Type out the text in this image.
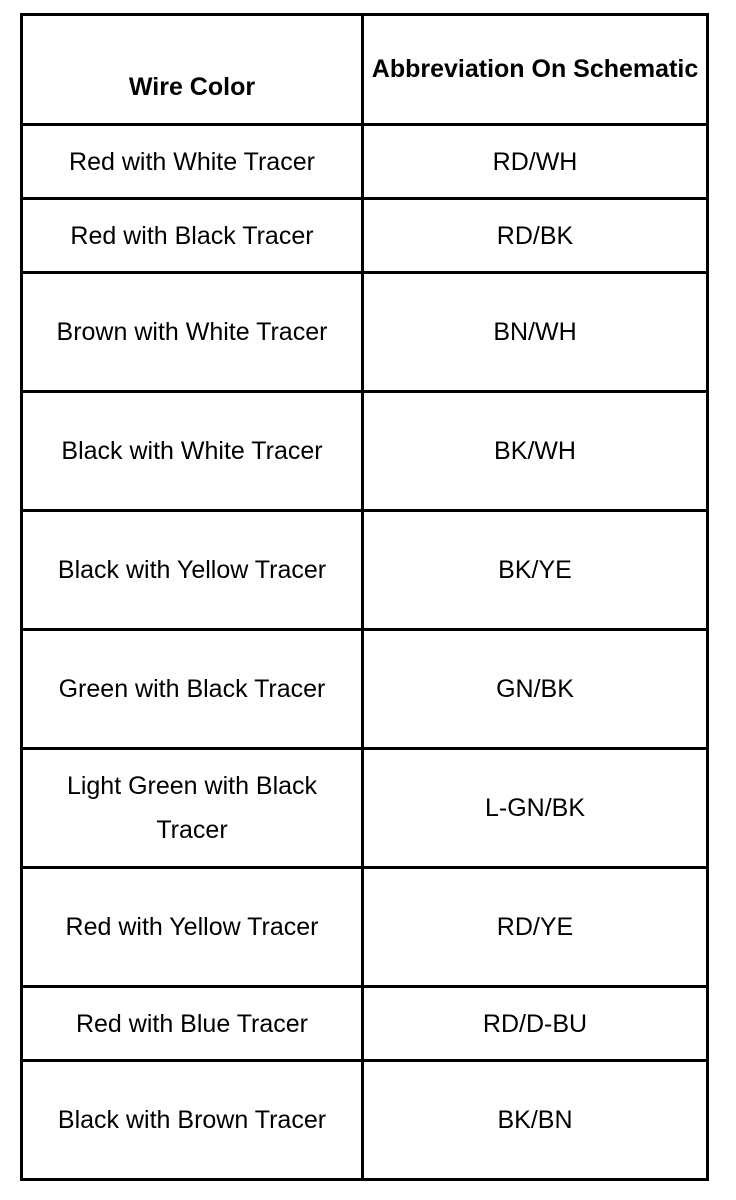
Wire Color	Abbreviation On Schematic
Red with White Tracer	RD/WH
Red with Black Tracer	RD/BK
Brown with White Tracer	BN/WH
Black with White Tracer	BK/WH
Black with Yellow Tracer	BK/YE
Green with Black Tracer	GN/BK
Light Green with Black Tracer	L-GN/BK
Red with Yellow Tracer	RD/YE
Red with Blue Tracer	RD/D-BU
Black with Brown Tracer	BK/BN
